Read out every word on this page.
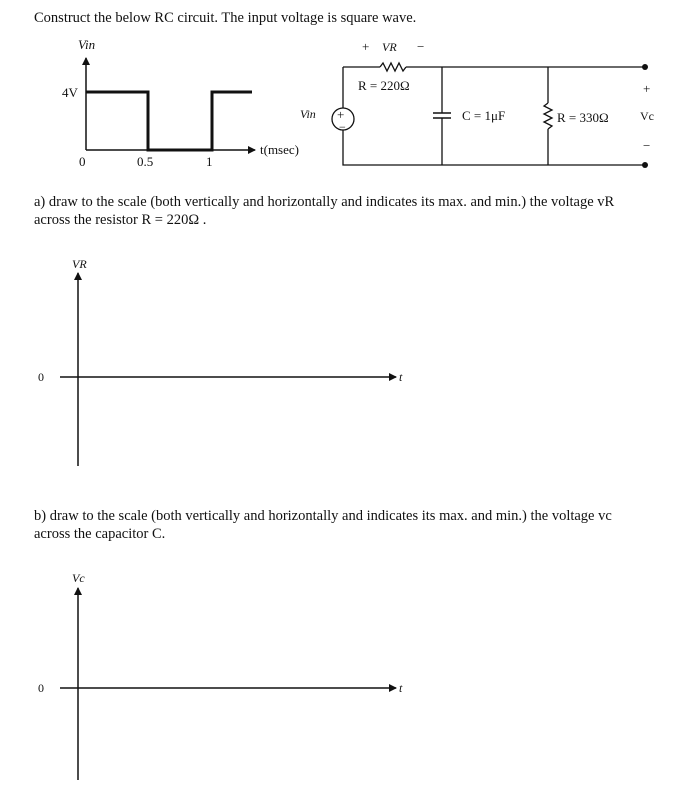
Construct the below RC circuit. The input voltage is square wave.
Vin
4V
0	0.5	1
t(msec)
+
−
Vin	C = 1μF	R = 330Ω
+
Vc
−
+ VR −
R = 220Ω
a) draw to the scale (both vertically and horizontally and indicates its max. and min.) the voltage vR
across the resistor R = 220Ω .
VR
0	t
b) draw to the scale (both vertically and horizontally and indicates its max. and min.) the voltage vc
across the capacitor C.
Vc
0	t
